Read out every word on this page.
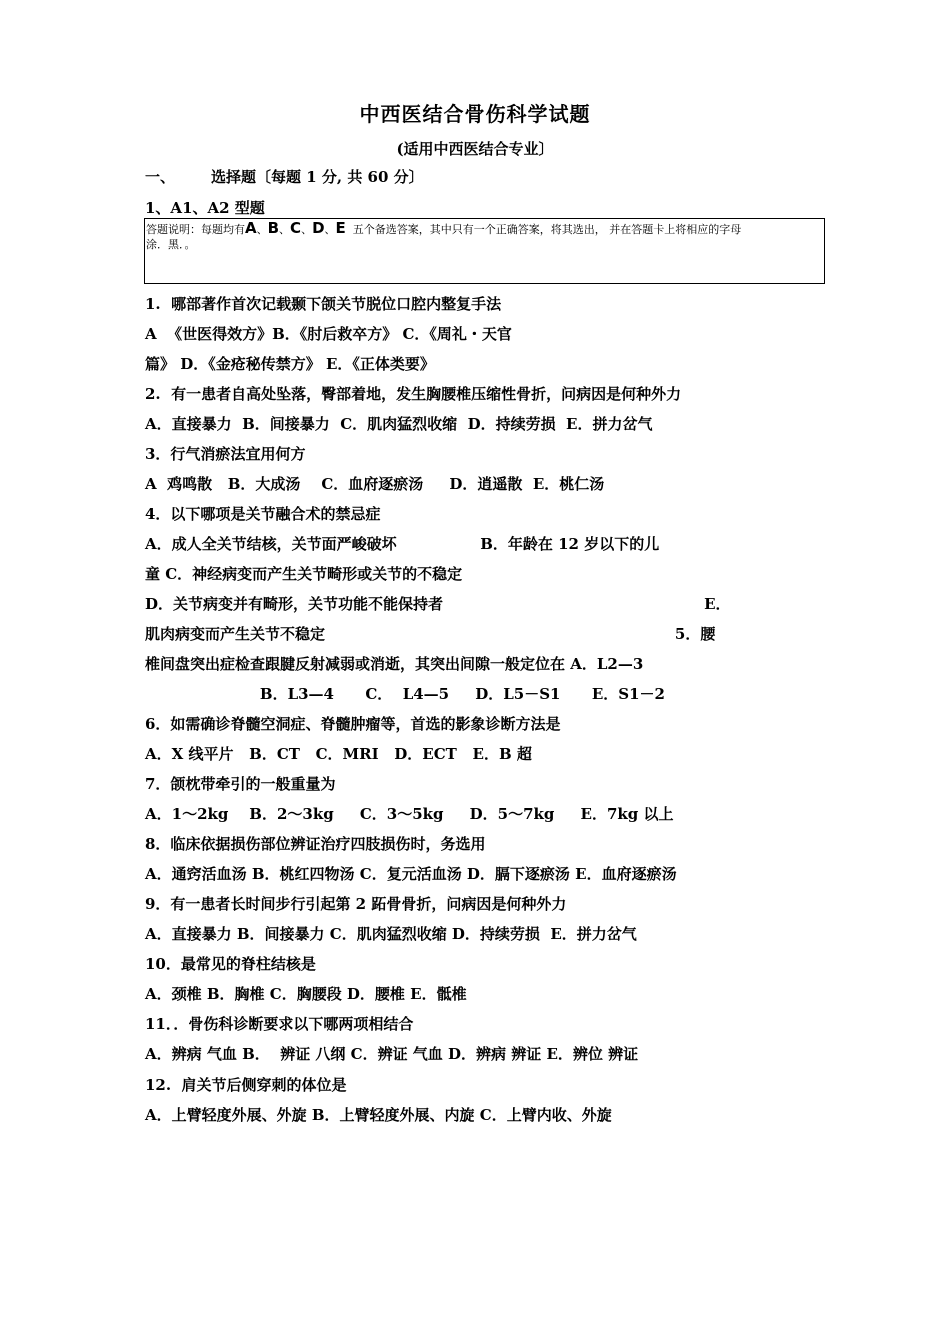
中西医结合骨伤科学试题
(适用中西医结合专业〕
一、 选择题〔每题 1 分, 共 60 分〕
1、A1、A2 型题
答题说明：每题均有A、B、C、D、E 五个备选答案，其中只有一个正确答案，将其选出， 并在答题卡上将相应的字母
涂．黑．。
1.  哪部著作首次记载颞下颌关节脱位口腔内整复手法
A  《世医得效方》B．《肘后救卒方》 C．《周礼・天官
篇》 D．《金疮秘传禁方》 E．《正体类要》
2.  有一患者自高处坠落，臀部着地，发生胸腰椎压缩性骨折，问病因是何种外力
A．直接暴力  B．间接暴力  C．肌肉猛烈收缩  D．持续劳损  E．拼力岔气
3．行气消瘀法宜用何方
A  鸡鸣散   B．大成汤    C．血府逐瘀汤     D．逍遥散  E．桃仁汤
4．以下哪项是关节融合术的禁忌症
A．成人全关节结核，关节面严峻破坏                B．年龄在 12 岁以下的儿
童 C．神经病变而产生关节畸形或关节的不稳定
D．关节病变并有畸形，关节功能不能保持者                                                  E．
肌肉病变而产生关节不稳定                                                                   5．腰
椎间盘突出症检查跟腱反射减弱或消逝，其突出间隙一般定位在 A．L2—3
B．L3—4      C．  L4—5     D．L5－S1      E．S1－2
6．如需确诊脊髓空洞症、脊髓肿瘤等，首选的影象诊断方法是
A．X 线平片   B．CT   C．MRI   D．ECT   E．B 超
7．颌枕带牵引的一般重量为
A．1～2kg    B．2～3kg     C．3～5kg     D．5～7kg     E．7kg 以上
8．临床依据损伤部位辨证治疗四肢损伤时，务选用
A．通窍活血汤 B．桃红四物汤 C．复元活血汤 D．膈下逐瘀汤 E．血府逐瘀汤
9．有一患者长时间步行引起第 2 跖骨骨折，问病因是何种外力
A．直接暴力 B．间接暴力 C．肌肉猛烈收缩 D．持续劳损  E．拼力岔气
10．最常见的脊柱结核是
A．颈椎 B．胸椎 C．胸腰段 D．腰椎 E．骶椎
11．．骨伤科诊断要求以下哪两项相结合
A．辨病 气血 B．  辨证 八纲 C．辨证 气血 D．辨病 辨证 E．辨位 辨证
12.  肩关节后侧穿刺的体位是
A．上臂轻度外展、外旋 B．上臂轻度外展、内旋 C．上臂内收、外旋
